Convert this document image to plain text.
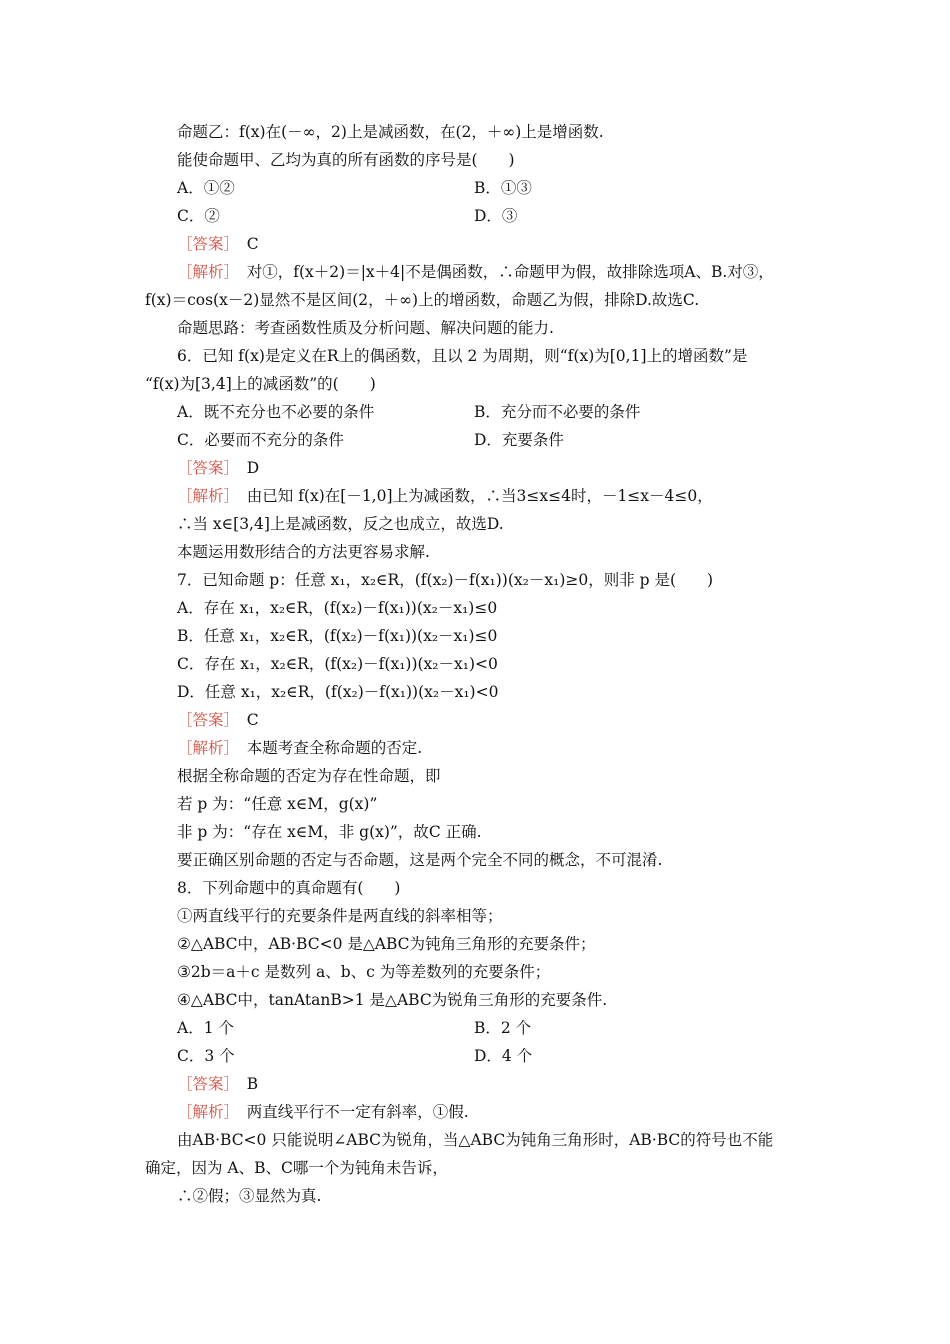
命题乙：f(x)在(－∞，2)上是减函数，在(2，＋∞)上是增函数.
能使命题甲、乙均为真的所有函数的序号是(　　)
A．①②	B．①③
C．②	D．③
［答案］　C
［解析］　对①，f(x＋2)＝|x＋4|不是偶函数，∴命题甲为假，故排除选项A、B.对③，
f(x)＝cos(x－2)显然不是区间(2，＋∞)上的增函数，命题乙为假，排除D.故选C.
命题思路：考查函数性质及分析问题、解决问题的能力.
6．已知 f(x)是定义在R上的偶函数，且以 2 为周期，则“f(x)为[0,1]上的增函数”是
“f(x)为[3,4]上的减函数”的(　　)
A．既不充分也不必要的条件	B．充分而不必要的条件
C．必要而不充分的条件	D．充要条件
［答案］　D
［解析］　由已知 f(x)在[－1,0]上为减函数，∴当3≤x≤4时，－1≤x－4≤0，
∴当 x∈[3,4]上是减函数，反之也成立，故选D.
本题运用数形结合的方法更容易求解.
7．已知命题 p：任意 x₁，x₂∈R，(f(x₂)－f(x₁))(x₂－x₁)≥0，则非 p 是(　　)
A．存在 x₁，x₂∈R，(f(x₂)－f(x₁))(x₂－x₁)≤0
B．任意 x₁，x₂∈R，(f(x₂)－f(x₁))(x₂－x₁)≤0
C．存在 x₁，x₂∈R，(f(x₂)－f(x₁))(x₂－x₁)<0
D．任意 x₁，x₂∈R，(f(x₂)－f(x₁))(x₂－x₁)<0
［答案］　C
［解析］　本题考查全称命题的否定.
根据全称命题的否定为存在性命题，即
若 p 为：“任意 x∈M，g(x)”
非 p 为：“存在 x∈M，非 g(x)”，故C 正确.
要正确区别命题的否定与否命题，这是两个完全不同的概念，不可混淆.
8．下列命题中的真命题有(　　)
①两直线平行的充要条件是两直线的斜率相等；
②△ABC中，AB·BC<0 是△ABC为钝角三角形的充要条件；
③2b＝a＋c 是数列 a、b、c 为等差数列的充要条件；
④△ABC中，tanAtanB>1 是△ABC为锐角三角形的充要条件.
A．1 个	B．2 个
C．3 个	D．4 个
［答案］　B
［解析］　两直线平行不一定有斜率，①假.
由AB·BC<0 只能说明∠ABC为锐角，当△ABC为钝角三角形时，AB·BC的符号也不能
确定，因为 A、B、C哪一个为钝角未告诉，
∴②假；③显然为真.
